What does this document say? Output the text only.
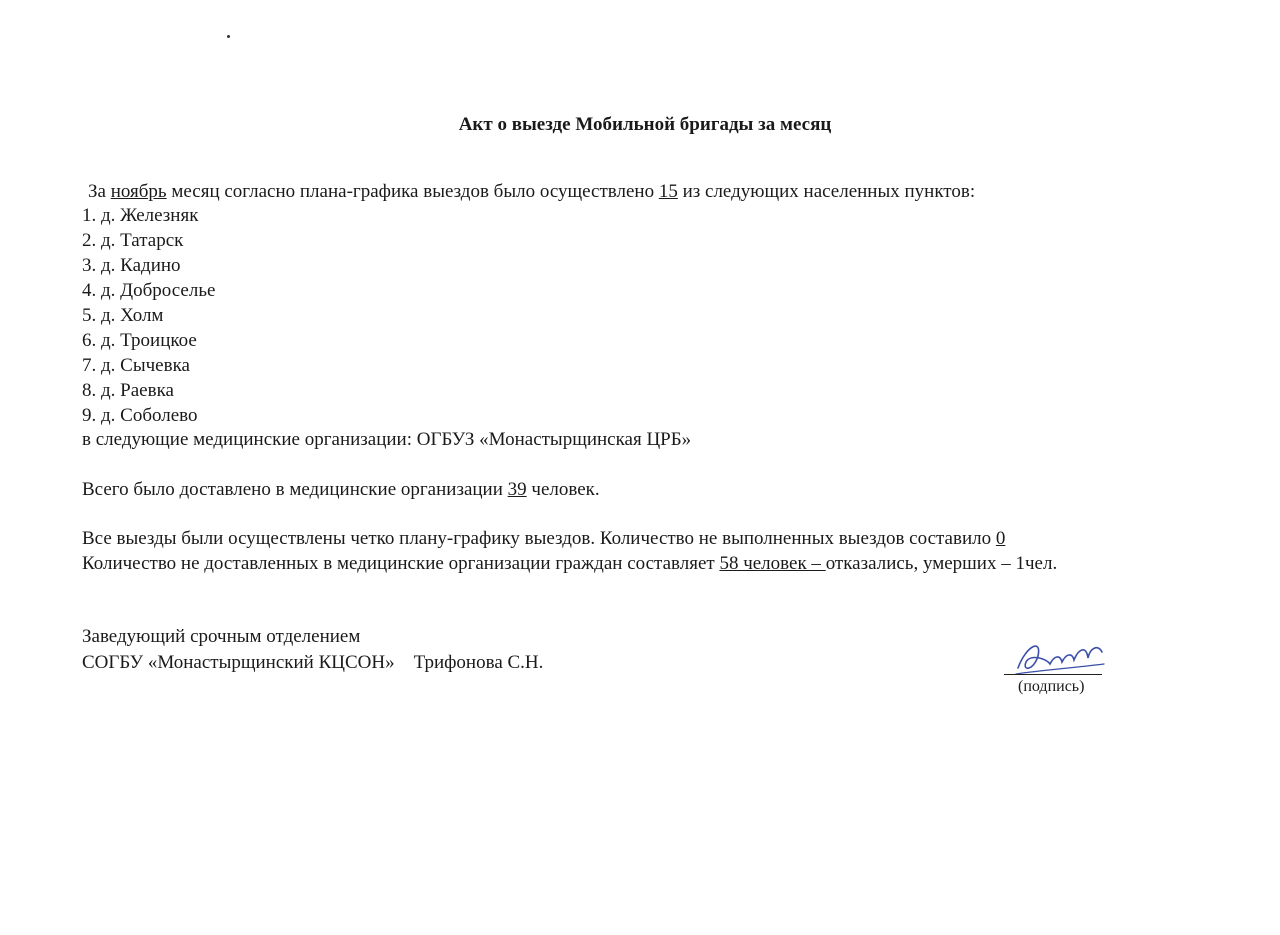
Акт о выезде Мобильной бригады за месяц
За ноябрь месяц согласно плана-графика выездов было осуществлено 15 из следующих населенных пунктов:
1. д. Железняк
2. д. Татарск
3. д. Кадино
4. д. Доброселье
5. д. Холм
6. д. Троицкое
7. д. Сычевка
8. д. Раевка
9. д. Соболево
в следующие медицинские организации: ОГБУЗ «Монастырщинская ЦРБ»
Всего было доставлено в медицинские организации 39 человек.
Все выезды были осуществлены четко плану-графику выездов. Количество не выполненных выездов составило 0
Количество не доставленных в медицинские организации граждан составляет 58 человек – отказались, умерших – 1чел.
Заведующий срочным отделением
СОГБУ «Монастырщинский КЦСОН»    Трифонова С.Н.
(подпись)
